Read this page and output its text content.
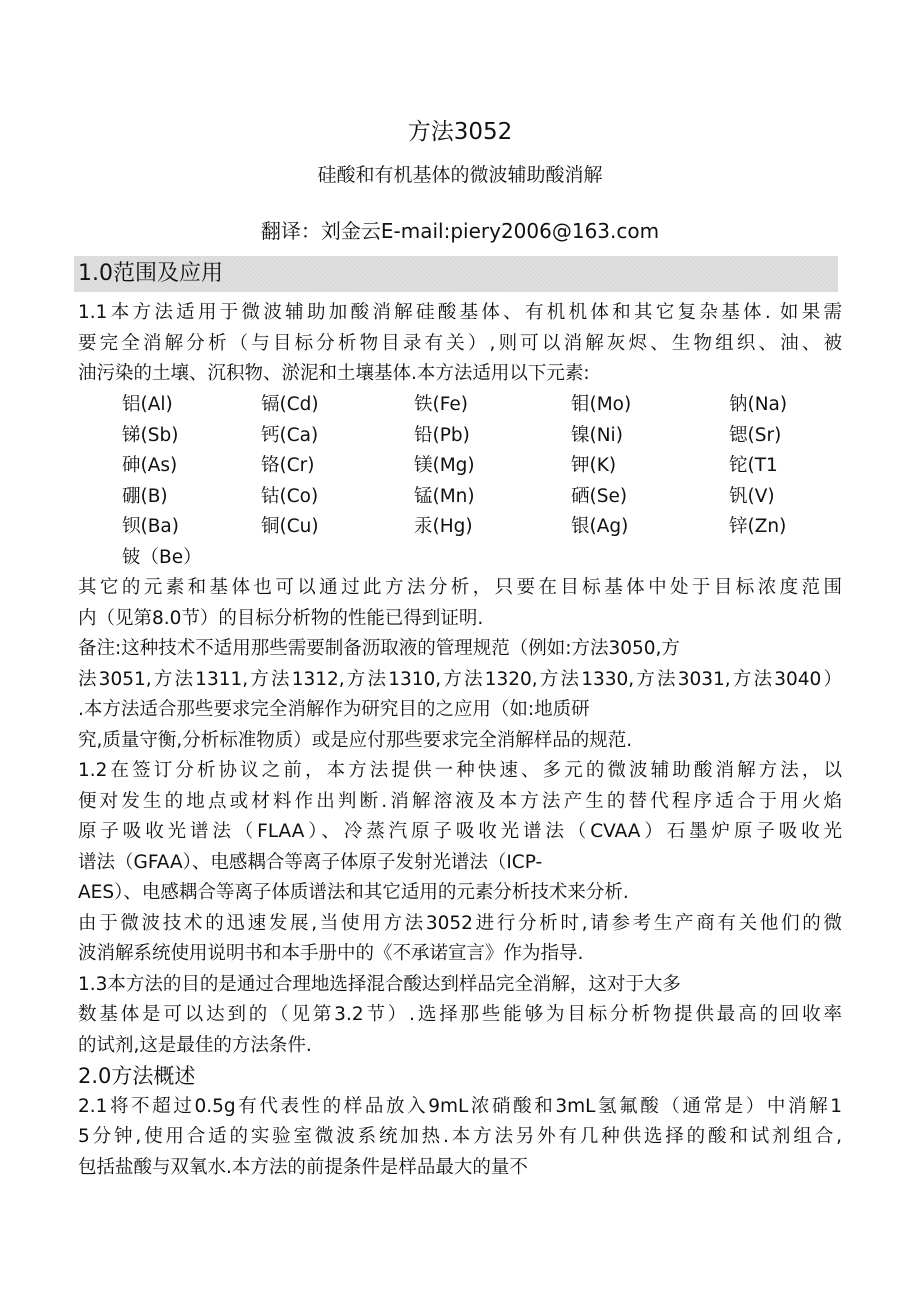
方法3052
硅酸和有机基体的微波辅助酸消解
翻译：刘金云E-mail:piery2006@163.com
1.0范围及应用
1.1本方法适用于微波辅助加酸消解硅酸基体、有机机体和其它复杂基体. 如果需
要完全消解分析（与目标分析物目录有关）,则可以消解灰烬、生物组织、油、被
油污染的土壤、沉积物、淤泥和土壤基体.本方法适用以下元素:
铝(Al)	镉(Cd)	铁(Fe)	钼(Mo)	钠(Na)
锑(Sb)	钙(Ca)	铅(Pb)	镍(Ni)	锶(Sr)
砷(As)	铬(Cr)	镁(Mg)	钾(K)	铊(T1
硼(B)	钴(Co)	锰(Mn)	硒(Se)	钒(V)
钡(Ba)	铜(Cu)	汞(Hg)	银(Ag)	锌(Zn)
铍（Be）
其它的元素和基体也可以通过此方法分析，只要在目标基体中处于目标浓度范围
内（见第8.0节）的目标分析物的性能已得到证明.
备注:这种技术不适用那些需要制备沥取液的管理规范（例如:方法3050,方
法3051,方法1311,方法1312,方法1310,方法1320,方法1330,方法3031,方法3040）
.本方法适合那些要求完全消解作为研究目的之应用（如:地质研
究,质量守衡,分析标准物质）或是应付那些要求完全消解样品的规范.
1.2在签订分析协议之前，本方法提供一种快速、多元的微波辅助酸消解方法，以
便对发生的地点或材料作出判断.消解溶液及本方法产生的替代程序适合于用火焰
原子吸收光谱法（FLAA）、冷蒸汽原子吸收光谱法（CVAA）石墨炉原子吸收光
谱法（GFAA）、电感耦合等离子体原子发射光谱法（ICP-
AES）、电感耦合等离子体质谱法和其它适用的元素分析技术来分析.
由于微波技术的迅速发展,当使用方法3052进行分析时,请参考生产商有关他们的微
波消解系统使用说明书和本手册中的《不承诺宣言》作为指导.
1.3本方法的目的是通过合理地选择混合酸达到样品完全消解，这对于大多
数基体是可以达到的（见第3.2节）.选择那些能够为目标分析物提供最高的回收率
的试剂,这是最佳的方法条件.
2.0方法概述
2.1将不超过0.5g有代表性的样品放入9mL浓硝酸和3mL氢氟酸（通常是）中消解1
5分钟,使用合适的实验室微波系统加热.本方法另外有几种供选择的酸和试剂组合,
包括盐酸与双氧水.本方法的前提条件是样品最大的量不
